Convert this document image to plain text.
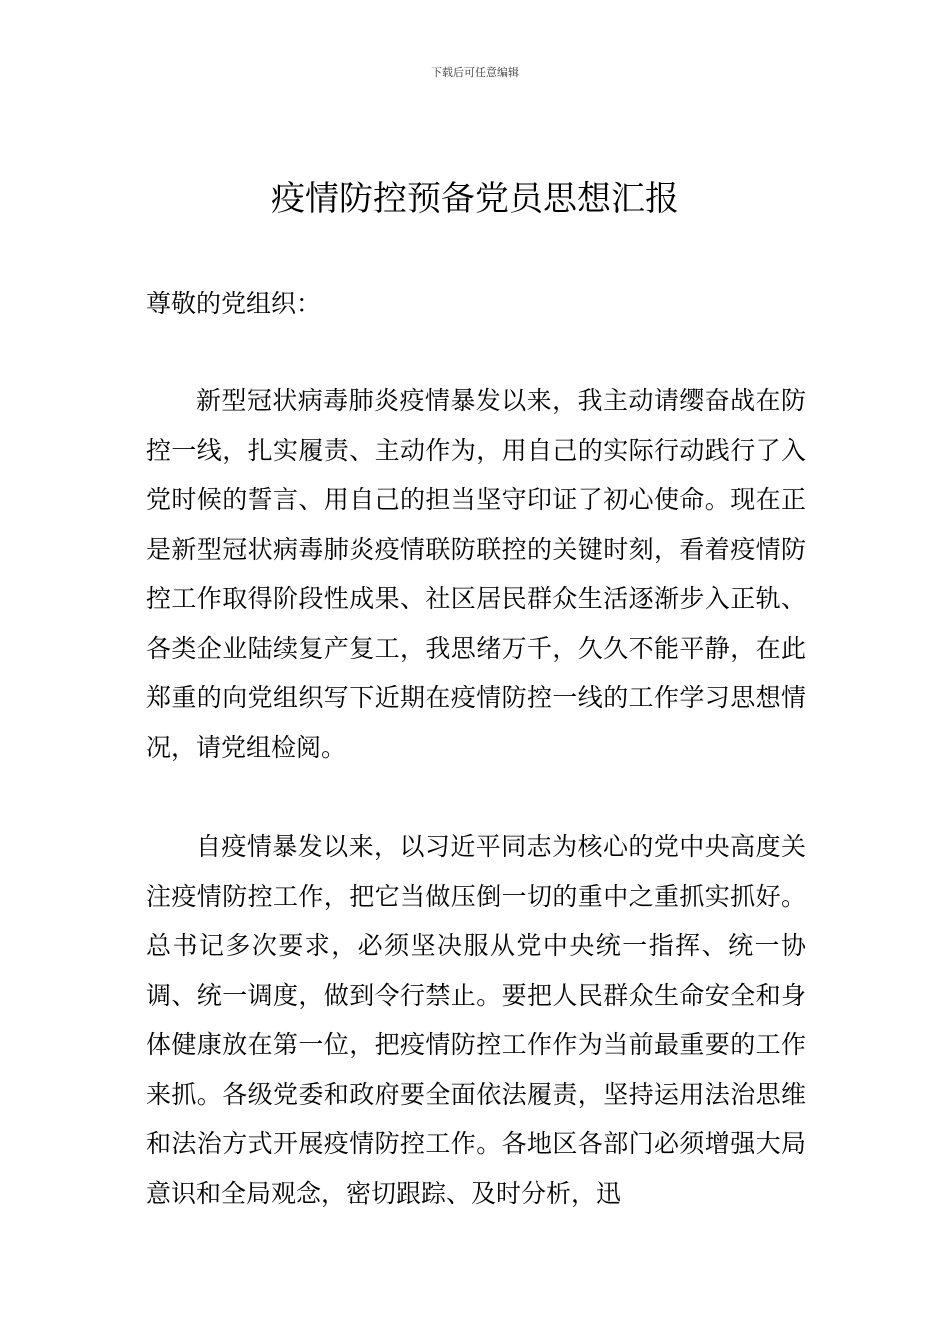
下载后可任意编辑
疫情防控预备党员思想汇报

尊敬的党组织：

新型冠状病毒肺炎疫情暴发以来，我主动请缨奋战在防控一线，扎实履责、主动作为，用自己的实际行动践行了入党时候的誓言、用自己的担当坚守印证了初心使命。现在正是新型冠状病毒肺炎疫情联防联控的关键时刻，看着疫情防控工作取得阶段性成果、社区居民群众生活逐渐步入正轨、各类企业陆续复产复工，我思绪万千，久久不能平静，在此郑重的向党组织写下近期在疫情防控一线的工作学习思想情况，请党组检阅。

自疫情暴发以来，以习近平同志为核心的党中央高度关注疫情防控工作，把它当做压倒一切的重中之重抓实抓好。总书记多次要求，必须坚决服从党中央统一指挥、统一协调、统一调度，做到令行禁止。要把人民群众生命安全和身体健康放在第一位，把疫情防控工作作为当前最重要的工作来抓。各级党委和政府要全面依法履责，坚持运用法治思维和法治方式开展疫情防控工作。各地区各部门必须增强大局意识和全局观念，密切跟踪、及时分析，迅
